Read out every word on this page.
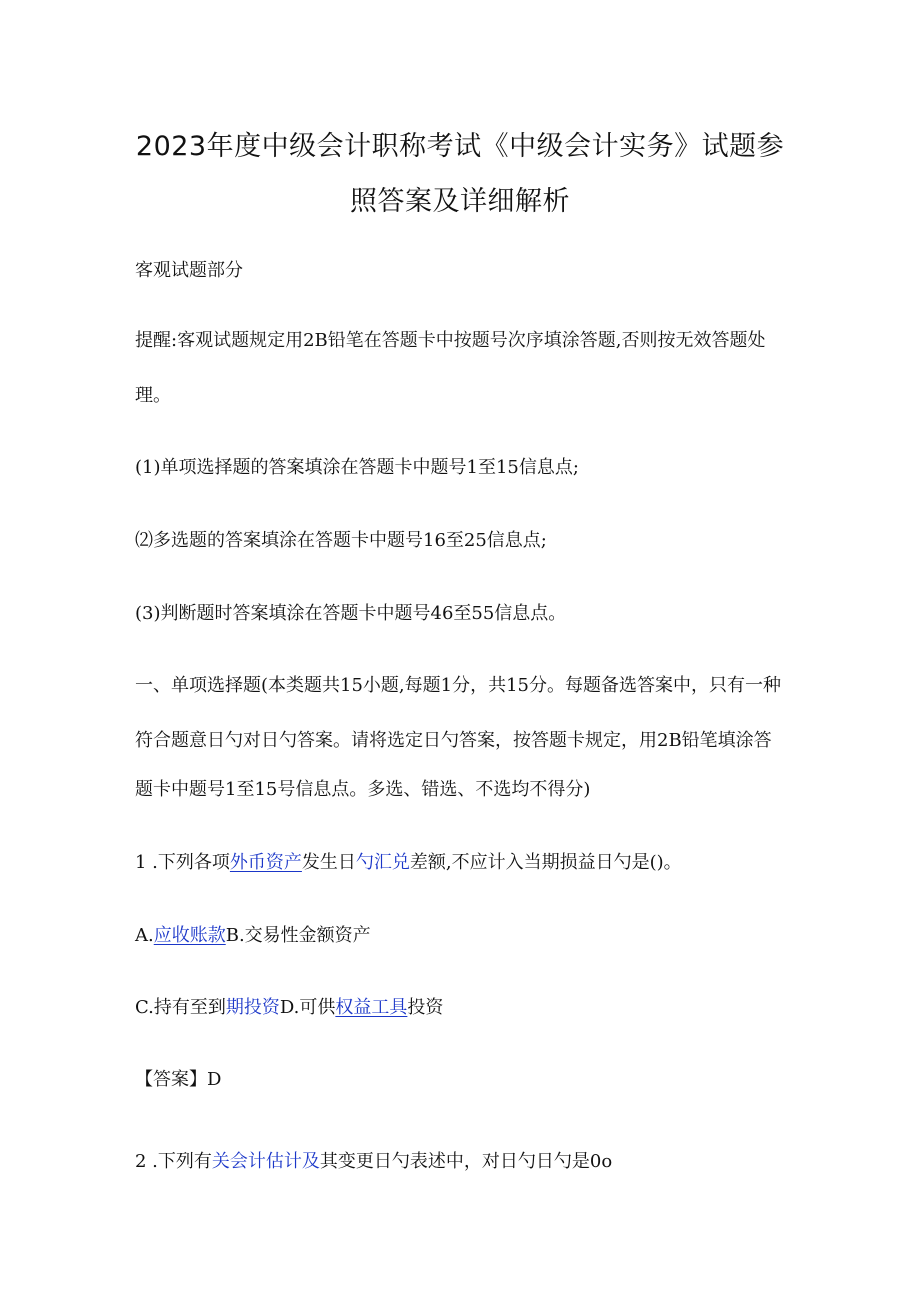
2023年度中级会计职称考试《中级会计实务》试题参
照答案及详细解析
客观试题部分
提醒:客观试题规定用2B铅笔在答题卡中按题号次序填涂答题,否则按无效答题处
理。
(1)单项选择题的答案填涂在答题卡中题号1至15信息点;
⑵多选题的答案填涂在答题卡中题号16至25信息点;
(3)判断题时答案填涂在答题卡中题号46至55信息点。
一、单项选择题(本类题共15小题,每题1分，共15分。每题备选答案中，只有一种
符合题意日勺对日勺答案。请将选定日勺答案，按答题卡规定，用2B铅笔填涂答
题卡中题号1至15号信息点。多选、错选、不选均不得分)
1 .下列各项外币资产发生日勺汇兑差额,不应计入当期损益日勺是()。
A.应收账款B.交易性金额资产
C.持有至到期投资D.可供权益工具投资
【答案】D
2 .下列有关会计估计及其变更日勺表述中，对日勺日勺是0o
